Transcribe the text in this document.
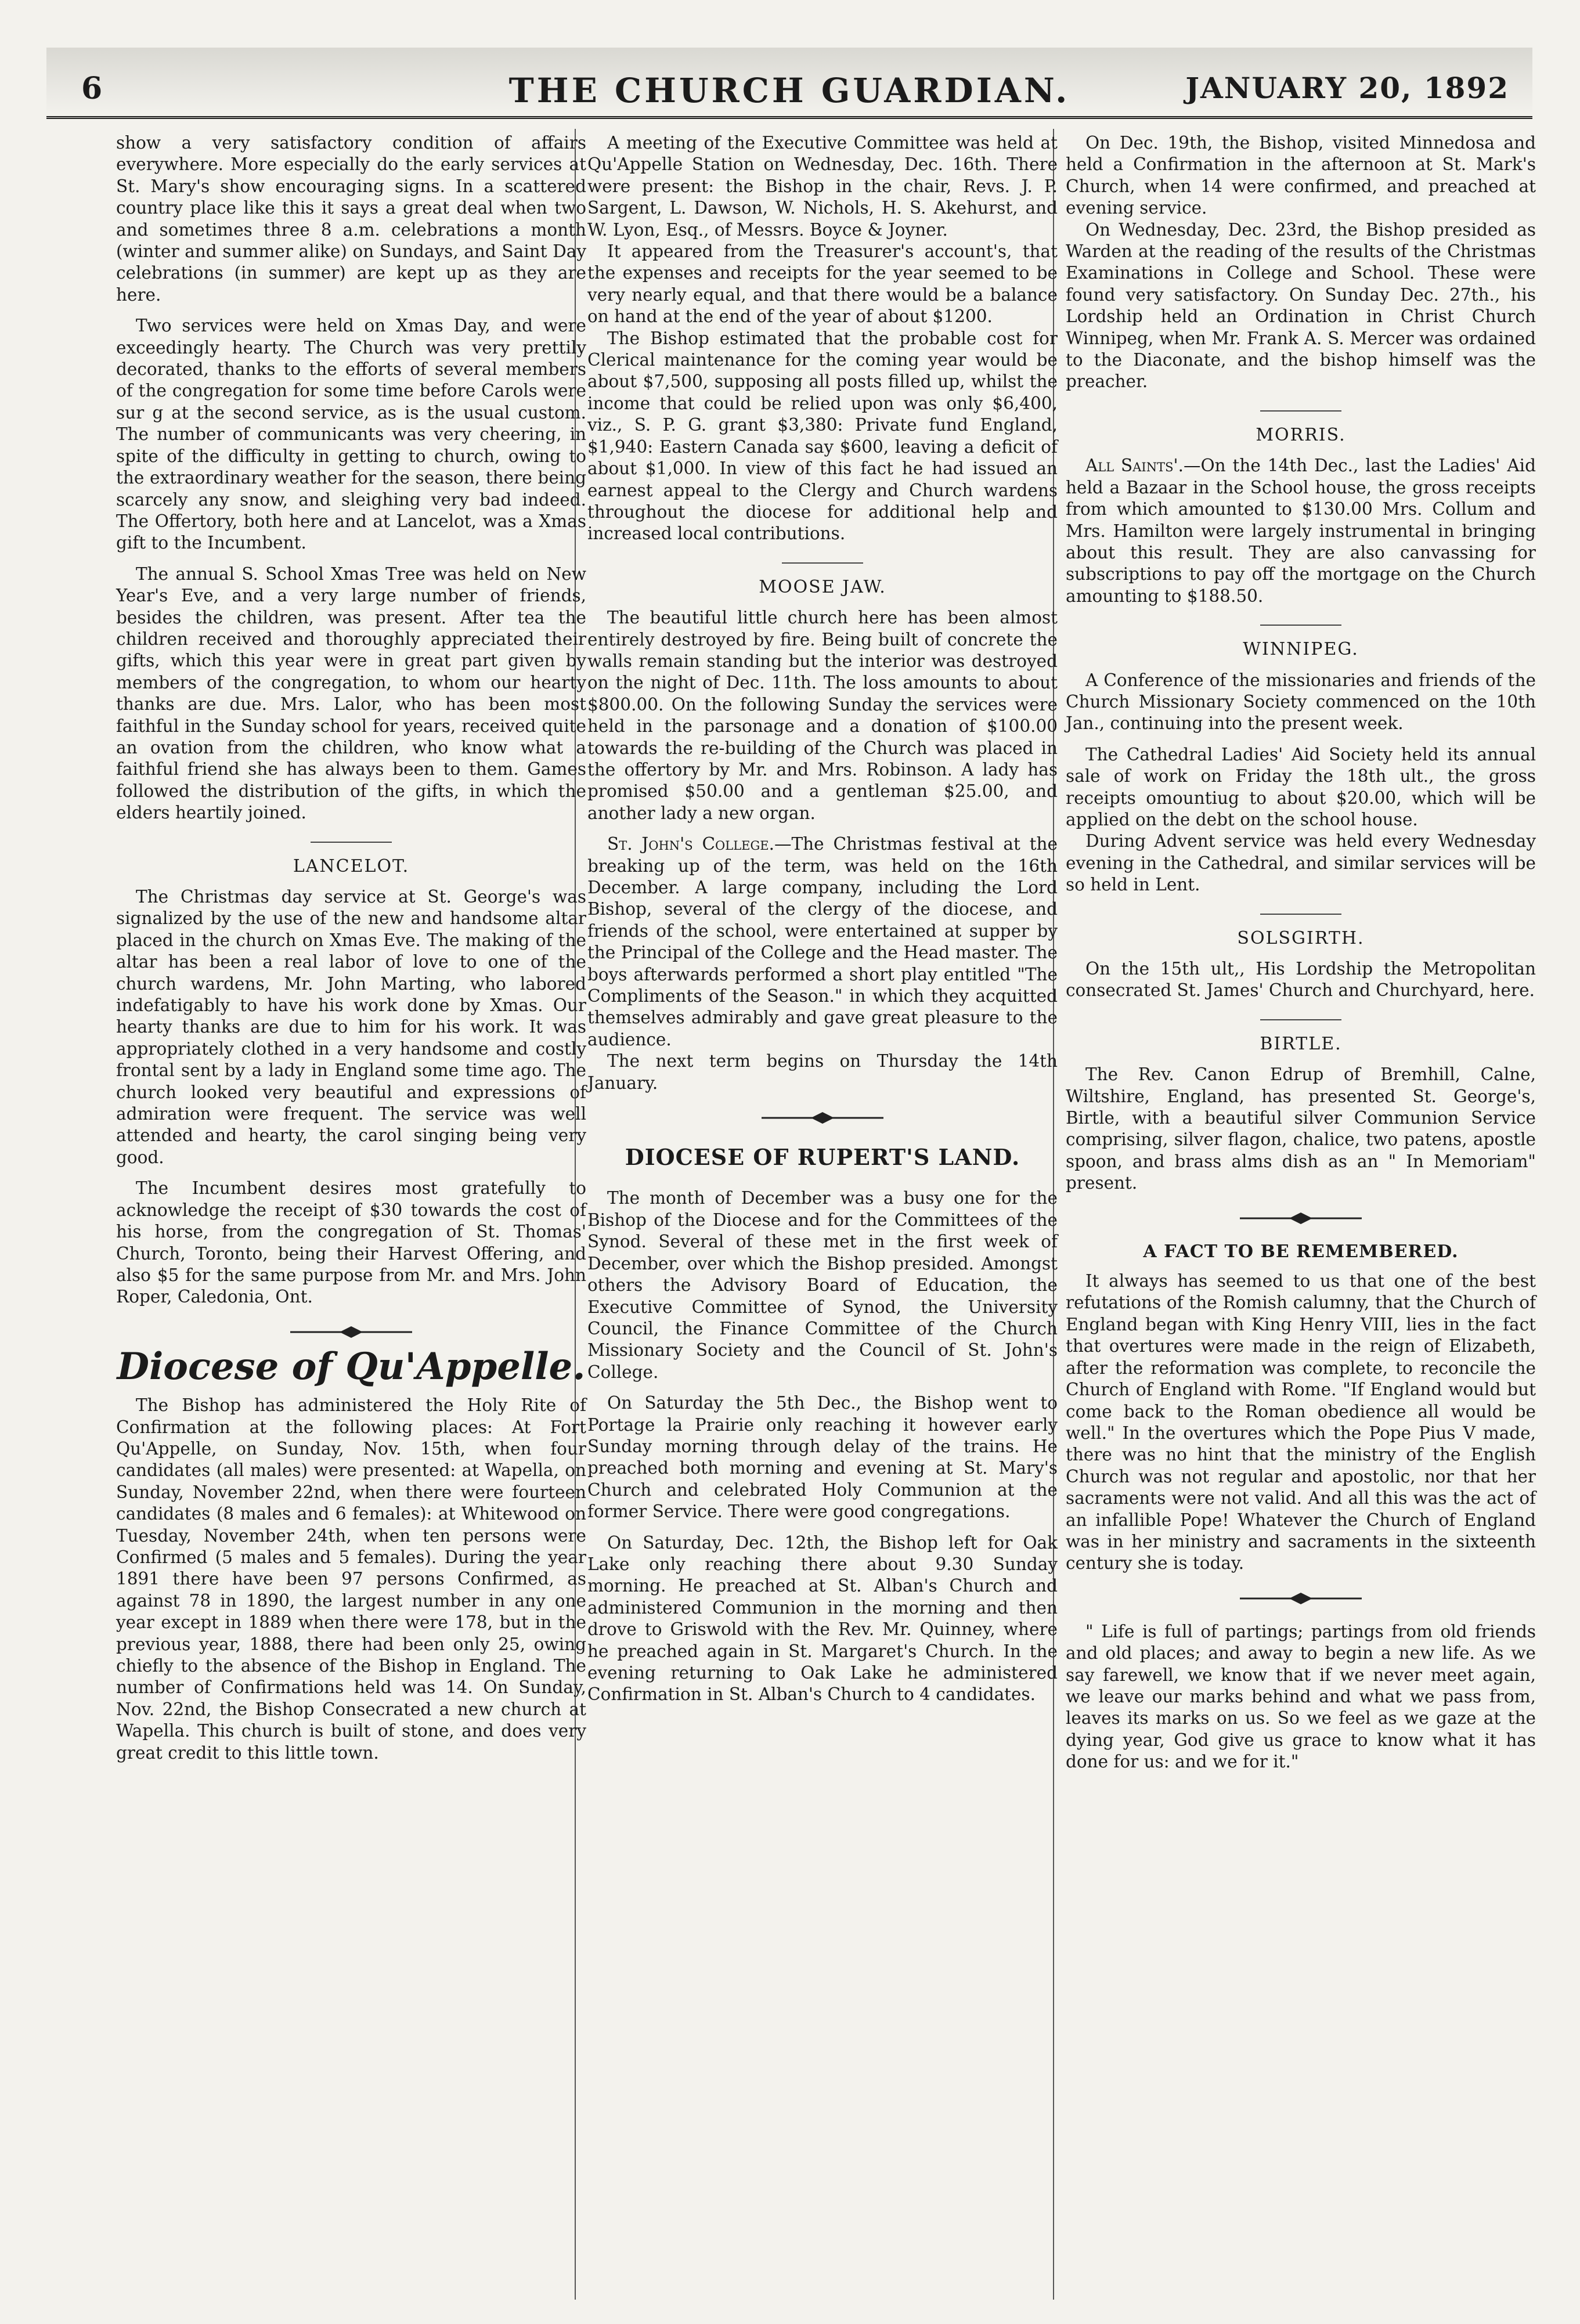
6	THE CHURCH GUARDIAN.	JANUARY 20, 1892

show a very satisfactory condition of affairs everywhere. More especially do the early services at St. Mary's show encouraging signs. In a scattered country place like this it says a great deal when two and sometimes three 8 a.m. celebrations a month (winter and summer alike) on Sundays, and Saint Day celebrations (in summer) are kept up as they are here.

Two services were held on Xmas Day, and were exceedingly hearty. The Church was very prettily decorated, thanks to the efforts of several members of the congregation for some time before Carols were sur g at the second service, as is the usual custom. The number of communicants was very cheering, in spite of the difficulty in getting to church, owing to the extraordinary weather for the season, there being scarcely any snow, and sleighing very bad indeed. The Offertory, both here and at Lancelot, was a Xmas gift to the Incumbent.

The annual S. School Xmas Tree was held on New Year's Eve, and a very large number of friends, besides the children, was present. After tea the children received and thoroughly appreciated their gifts, which this year were in great part given by members of the congregation, to whom our hearty thanks are due. Mrs. Lalor, who has been most faithful in the Sunday school for years, received quite an ovation from the children, who know what a faithful friend she has always been to them. Games followed the distribution of the gifts, in which the elders heartily joined.

LANCELOT.

The Christmas day service at St. George's was signalized by the use of the new and handsome altar placed in the church on Xmas Eve. The making of the altar has been a real labor of love to one of the church wardens, Mr. John Marting, who labored indefatigably to have his work done by Xmas. Our hearty thanks are due to him for his work. It was appropriately clothed in a very handsome and costly frontal sent by a lady in England some time ago. The church looked very beautiful and expressions of admiration were frequent. The service was well attended and hearty, the carol singing being very good.

The Incumbent desires most gratefully to acknowledge the receipt of $30 towards the cost of his horse, from the congregation of St. Thomas' Church, Toronto, being their Harvest Offering, and also $5 for the same purpose from Mr. and Mrs. John Roper, Caledonia, Ont.

Diocese of Qu'Appelle.

The Bishop has administered the Holy Rite of Confirmation at the following places: At Fort Qu'Appelle, on Sunday, Nov. 15th, when four candidates (all males) were presented: at Wapella, on Sunday, November 22nd, when there were fourteen candidates (8 males and 6 females): at Whitewood on Tuesday, November 24th, when ten persons were Confirmed (5 males and 5 females). During the year 1891 there have been 97 persons Confirmed, as against 78 in 1890, the largest number in any one year except in 1889 when there were 178, but in the previous year, 1888, there had been only 25, owing chiefly to the absence of the Bishop in England. The number of Confirmations held was 14. On Sunday, Nov. 22nd, the Bishop Consecrated a new church at Wapella. This church is built of stone, and does very great credit to this little town.

A meeting of the Executive Committee was held at Qu'Appelle Station on Wednesday, Dec. 16th. There were present: the Bishop in the chair, Revs. J. P. Sargent, L. Dawson, W. Nichols, H. S. Akehurst, and W. Lyon, Esq., of Messrs. Boyce & Joyner.

It appeared from the Treasurer's account's, that the expenses and receipts for the year seemed to be very nearly equal, and that there would be a balance on hand at the end of the year of about $1200.

The Bishop estimated that the probable cost for Clerical maintenance for the coming year would be about $7,500, supposing all posts filled up, whilst the income that could be relied upon was only $6,400, viz., S. P. G. grant $3,380: Private fund England, $1,940: Eastern Canada say $600, leaving a deficit of about $1,000. In view of this fact he had issued an earnest appeal to the Clergy and Church wardens throughout the diocese for additional help and increased local contributions.

MOOSE JAW.

The beautiful little church here has been almost entirely destroyed by fire. Being built of concrete the walls remain standing but the interior was destroyed on the night of Dec. 11th. The loss amounts to about $800.00. On the following Sunday the services were held in the parsonage and a donation of $100.00 towards the re-building of the Church was placed in the offertory by Mr. and Mrs. Robinson. A lady has promised $50.00 and a gentleman $25.00, and another lady a new organ.

St. John's College.—The Christmas festival at the breaking up of the term, was held on the 16th December. A large company, including the Lord Bishop, several of the clergy of the diocese, and friends of the school, were entertained at supper by the Principal of the College and the Head master. The boys afterwards performed a short play entitled "The Compliments of the Season." in which they acquitted themselves admirably and gave great pleasure to the audience.

The next term begins on Thursday the 14th January.

DIOCESE OF RUPERT'S LAND.

The month of December was a busy one for the Bishop of the Diocese and for the Committees of the Synod. Several of these met in the first week of December, over which the Bishop presided. Amongst others the Advisory Board of Education, the Executive Committee of Synod, the University Council, the Finance Committee of the Church Missionary Society and the Council of St. John's College.

On Saturday the 5th Dec., the Bishop went to Portage la Prairie only reaching it however early Sunday morning through delay of the trains. He preached both morning and evening at St. Mary's Church and celebrated Holy Communion at the former Service. There were good congregations.

On Saturday, Dec. 12th, the Bishop left for Oak Lake only reaching there about 9.30 Sunday morning. He preached at St. Alban's Church and administered Communion in the morning and then drove to Griswold with the Rev. Mr. Quinney, where he preached again in St. Margaret's Church. In the evening returning to Oak Lake he administered Confirmation in St. Alban's Church to 4 candidates.

On Dec. 19th, the Bishop, visited Minnedosa and held a Confirmation in the afternoon at St. Mark's Church, when 14 were confirmed, and preached at evening service.

On Wednesday, Dec. 23rd, the Bishop presided as Warden at the reading of the results of the Christmas Examinations in College and School. These were found very satisfactory. On Sunday Dec. 27th., his Lordship held an Ordination in Christ Church Winnipeg, when Mr. Frank A. S. Mercer was ordained to the Diaconate, and the bishop himself was the preacher.

MORRIS.

All Saints'.—On the 14th Dec., last the Ladies' Aid held a Bazaar in the School house, the gross receipts from which amounted to $130.00 Mrs. Collum and Mrs. Hamilton were largely instrumental in bringing about this result. They are also canvassing for subscriptions to pay off the mortgage on the Church amounting to $188.50.

WINNIPEG.

A Conference of the missionaries and friends of the Church Missionary Society commenced on the 10th Jan., continuing into the present week.

The Cathedral Ladies' Aid Society held its annual sale of work on Friday the 18th ult., the gross receipts omountiug to about $20.00, which will be applied on the debt on the school house.

During Advent service was held every Wednesday evening in the Cathedral, and similar services will be so held in Lent.

SOLSGIRTH.

On the 15th ult,, His Lordship the Metropolitan consecrated St. James' Church and Churchyard, here.

BIRTLE.

The Rev. Canon Edrup of Bremhill, Calne, Wiltshire, England, has presented St. George's, Birtle, with a beautiful silver Communion Service comprising, silver flagon, chalice, two patens, apostle spoon, and brass alms dish as an " In Memoriam" present.

A FACT TO BE REMEMBERED.

It always has seemed to us that one of the best refutations of the Romish calumny, that the Church of England began with King Henry VIII, lies in the fact that overtures were made in the reign of Elizabeth, after the reformation was complete, to reconcile the Church of England with Rome. "If England would but come back to the Roman obedience all would be well." In the overtures which the Pope Pius V made, there was no hint that the ministry of the English Church was not regular and apostolic, nor that her sacraments were not valid. And all this was the act of an infallible Pope! Whatever the Church of England was in her ministry and sacraments in the sixteenth century she is today.

" Life is full of partings; partings from old friends and old places; and away to begin a new life. As we say farewell, we know that if we never meet again, we leave our marks behind and what we pass from, leaves its marks on us. So we feel as we gaze at the dying year, God give us grace to know what it has done for us: and we for it."
